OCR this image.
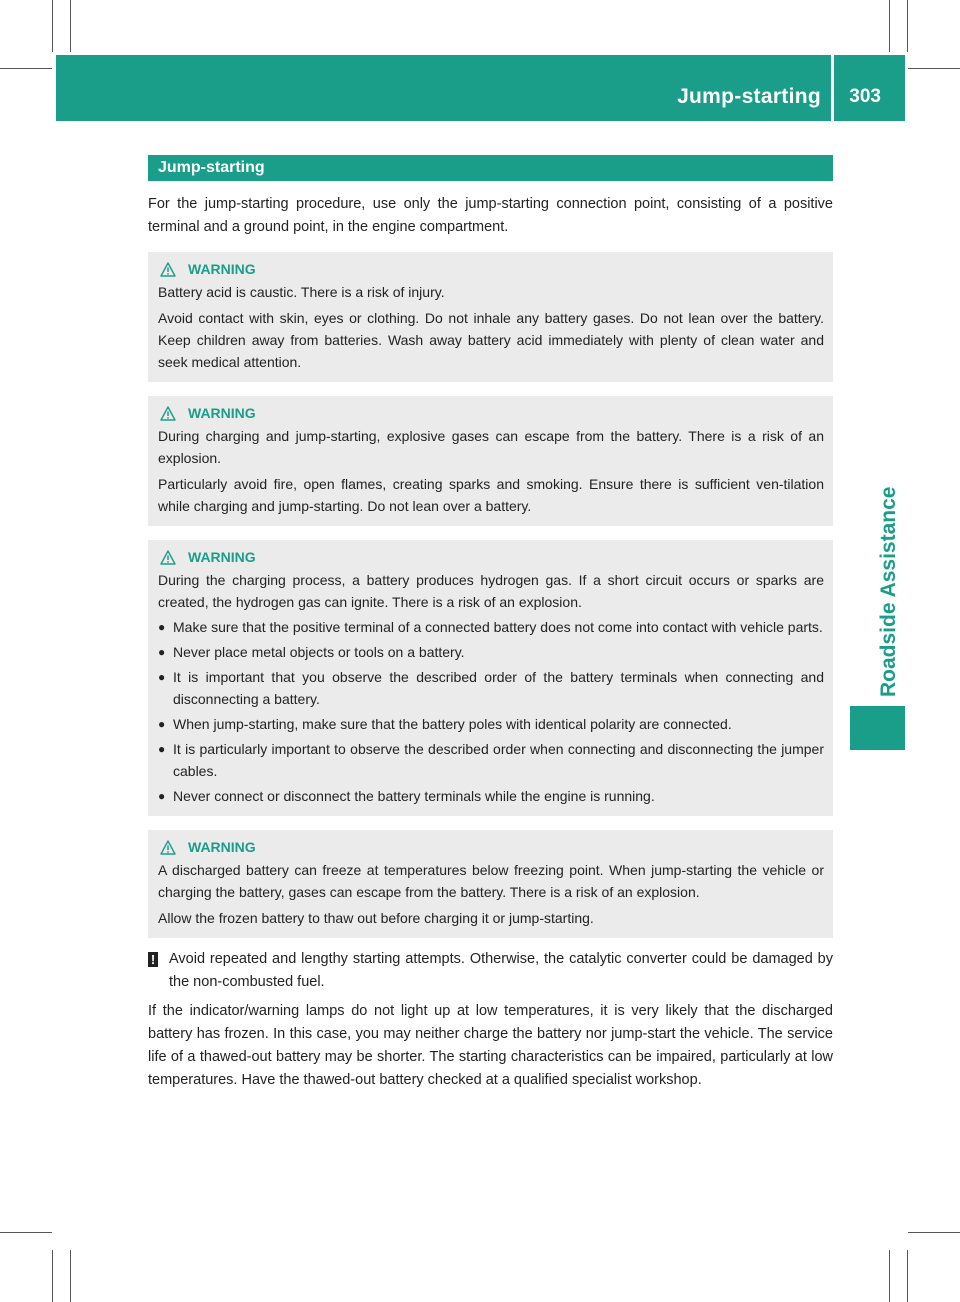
Jump-starting 303
Roadside Assistance
Jump-starting

For the jump-starting procedure, use only the jump-starting connection point, consisting of a positive terminal and a ground point, in the engine compartment.

WARNING

Battery acid is caustic. There is a risk of injury.

Avoid contact with skin, eyes or clothing. Do not inhale any battery gases. Do not lean over the battery. Keep children away from batteries. Wash away battery acid immediately with plenty of clean water and seek medical attention.

WARNING

During charging and jump-starting, explosive gases can escape from the battery. There is a risk of an explosion.

Particularly avoid fire, open flames, creating sparks and smoking. Ensure there is sufficient ven-tilation while charging and jump-starting. Do not lean over a battery.

WARNING

During the charging process, a battery produces hydrogen gas. If a short circuit occurs or sparks are created, the hydrogen gas can ignite. There is a risk of an explosion.

● Make sure that the positive terminal of a connected battery does not come into contact with vehicle parts.
● Never place metal objects or tools on a battery.
● It is important that you observe the described order of the battery terminals when connecting and disconnecting a battery.
● When jump-starting, make sure that the battery poles with identical polarity are connected.
● It is particularly important to observe the described order when connecting and disconnecting the jumper cables.
● Never connect or disconnect the battery terminals while the engine is running.
WARNING

A discharged battery can freeze at temperatures below freezing point. When jump-starting the vehicle or charging the battery, gases can escape from the battery. There is a risk of an explosion.

Allow the frozen battery to thaw out before charging it or jump-starting.

! Avoid repeated and lengthy starting attempts. Otherwise, the catalytic converter could be damaged by the non-combusted fuel.

If the indicator/warning lamps do not light up at low temperatures, it is very likely that the discharged battery has frozen. In this case, you may neither charge the battery nor jump-start the vehicle. The service life of a thawed-out battery may be shorter. The starting characteristics can be impaired, particularly at low temperatures. Have the thawed-out battery checked at a qualified specialist workshop.
